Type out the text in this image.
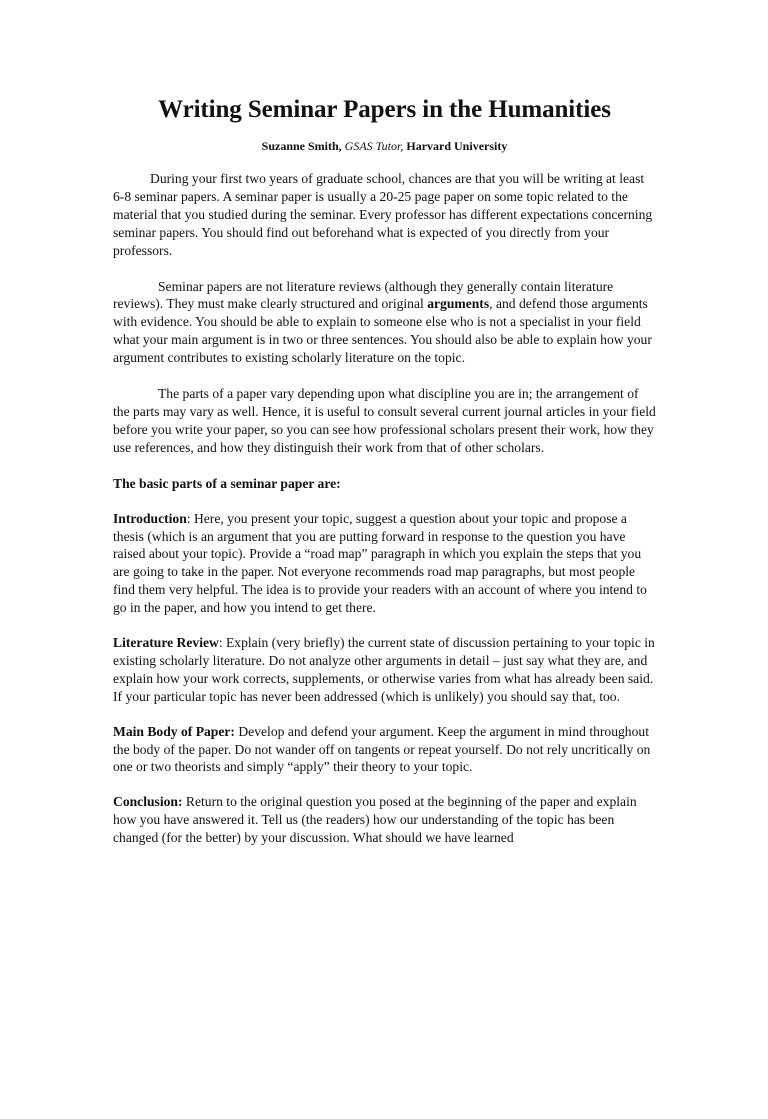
Writing Seminar Papers in the Humanities

Suzanne Smith, GSAS Tutor, Harvard University

During your first two years of graduate school, chances are that you will be writing at least 6-8 seminar papers. A seminar paper is usually a 20-25 page paper on some topic related to the material that you studied during the seminar. Every professor has different expectations concerning seminar papers. You should find out beforehand what is expected of you directly from your professors.

Seminar papers are not literature reviews (although they generally contain literature reviews). They must make clearly structured and original arguments, and defend those arguments with evidence. You should be able to explain to someone else who is not a specialist in your field what your main argument is in two or three sentences. You should also be able to explain how your argument contributes to existing scholarly literature on the topic.

The parts of a paper vary depending upon what discipline you are in; the arrangement of the parts may vary as well. Hence, it is useful to consult several current journal articles in your field before you write your paper, so you can see how professional scholars present their work, how they use references, and how they distinguish their work from that of other scholars.

The basic parts of a seminar paper are:

Introduction: Here, you present your topic, suggest a question about your topic and propose a thesis (which is an argument that you are putting forward in response to the question you have raised about your topic). Provide a “road map” paragraph in which you explain the steps that you are going to take in the paper. Not everyone recommends road map paragraphs, but most people find them very helpful. The idea is to provide your readers with an account of where you intend to go in the paper, and how you intend to get there.

Literature Review: Explain (very briefly) the current state of discussion pertaining to your topic in existing scholarly literature. Do not analyze other arguments in detail – just say what they are, and explain how your work corrects, supplements, or otherwise varies from what has already been said. If your particular topic has never been addressed (which is unlikely) you should say that, too.

Main Body of Paper: Develop and defend your argument. Keep the argument in mind throughout the body of the paper. Do not wander off on tangents or repeat yourself. Do not rely uncritically on one or two theorists and simply “apply” their theory to your topic.

Conclusion: Return to the original question you posed at the beginning of the paper and explain how you have answered it. Tell us (the readers) how our understanding of the topic has been changed (for the better) by your discussion. What should we have learned
